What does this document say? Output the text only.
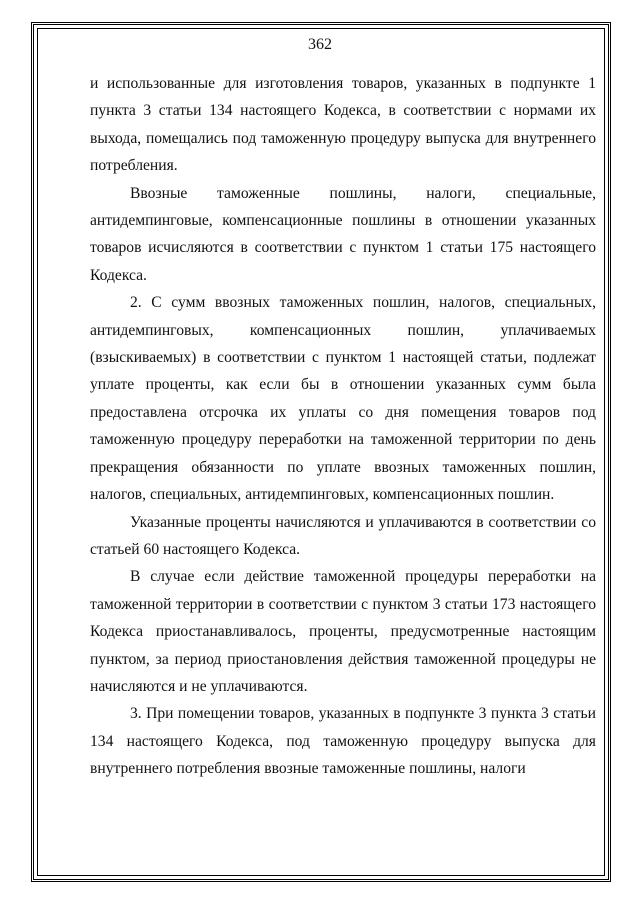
362

и использованные для изготовления товаров, указанных в подпункте 1 пункта 3 статьи 134 настоящего Кодекса, в соответствии с нормами их выхода, помещались под таможенную процедуру выпуска для внутреннего потребления.

Ввозные таможенные пошлины, налоги, специальные, антидемпинговые, компенсационные пошлины в отношении указанных товаров исчисляются в соответствии с пунктом 1 статьи 175 настоящего Кодекса.

2. С сумм ввозных таможенных пошлин, налогов, специальных, антидемпинговых, компенсационных пошлин, уплачиваемых (взыскиваемых) в соответствии с пунктом 1 настоящей статьи, подлежат уплате проценты, как если бы в отношении указанных сумм была предоставлена отсрочка их уплаты со дня помещения товаров под таможенную процедуру переработки на таможенной территории по день прекращения обязанности по уплате ввозных таможенных пошлин, налогов, специальных, антидемпинговых, компенсационных пошлин.

Указанные проценты начисляются и уплачиваются в соответствии со статьей 60 настоящего Кодекса.

В случае если действие таможенной процедуры переработки на таможенной территории в соответствии с пунктом 3 статьи 173 настоящего Кодекса приостанавливалось, проценты, предусмотренные настоящим пунктом, за период приостановления действия таможенной процедуры не начисляются и не уплачиваются.

3. При помещении товаров, указанных в подпункте 3 пункта 3 статьи 134 настоящего Кодекса, под таможенную процедуру выпуска для внутреннего потребления ввозные таможенные пошлины, налоги
